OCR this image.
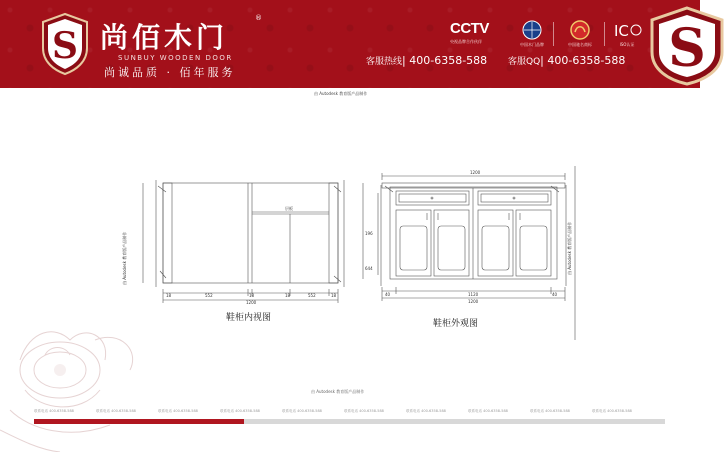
S 尚佰木门
®
SUNBUY WOODEN DOOR
尚诚品质 · 佰年服务
CCTV
央视品牌合作伙伴
中国木门品牌	中国驰名商标
IC
ISO认证
客服热线| 400-6358-588 客服QQ| 400-6358-588 S
由 Autodesk 教育版产品制作
18	552	18	18	552	18
1200
层板
1200
40	1120	40
1200
196
644
由 Autodesk 教育版产品制作	由 Autodesk 教育版产品制作
鞋柜内视图
鞋柜外观图
由 Autodesk 教育版产品制作
联系电话 400-6358-588	联系电话 400-6358-588	联系电话 400-6358-588	联系电话 400-6358-588	联系电话 400-6358-588	联系电话 400-6358-588	联系电话 400-6358-588	联系电话 400-6358-588	联系电话 400-6358-588	联系电话 400-6358-588
